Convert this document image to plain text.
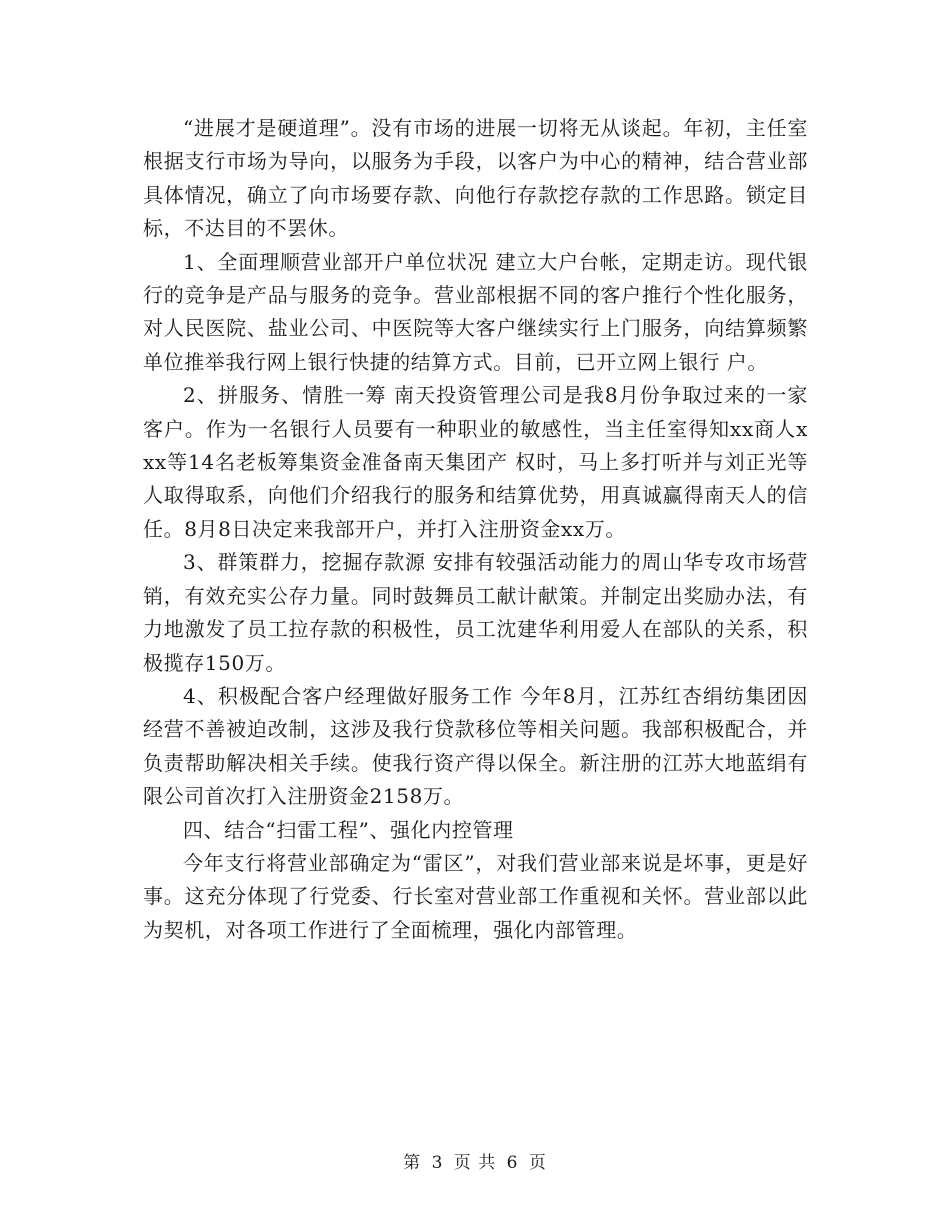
“进展才是硬道理”。没有市场的进展一切将无从谈起。年初，主任室根据支行市场为导向，以服务为手段，以客户为中心的精神，结合营业部具体情况，确立了向市场要存款、向他行存款挖存款的工作思路。锁定目标，不达目的不罢休。

1、全面理顺营业部开户单位状况 建立大户台帐，定期走访。现代银行的竞争是产品与服务的竞争。营业部根据不同的客户推行个性化服务，对人民医院、盐业公司、中医院等大客户继续实行上门服务，向结算频繁单位推举我行网上银行快捷的结算方式。目前，已开立网上银行 户。

2、拼服务、情胜一筹 南天投资管理公司是我8月份争取过来的一家客户。作为一名银行人员要有一种职业的敏感性，当主任室得知xx商人xxx等14名老板筹集资金准备南天集团产 权时，马上多打听并与刘正光等人取得取系，向他们介绍我行的服务和结算优势，用真诚赢得南天人的信任。8月8日决定来我部开户，并打入注册资金xx万。

3、群策群力，挖掘存款源 安排有较强活动能力的周山华专攻市场营销，有效充实公存力量。同时鼓舞员工献计献策。并制定出奖励办法，有力地激发了员工拉存款的积极性，员工沈建华利用爱人在部队的关系，积极揽存150万。

4、积极配合客户经理做好服务工作 今年8月，江苏红杏绢纺集团因经营不善被迫改制，这涉及我行贷款移位等相关问题。我部积极配合，并负责帮助解决相关手续。使我行资产得以保全。新注册的江苏大地蓝绢有限公司首次打入注册资金2158万。

四、结合“扫雷工程”、强化内控管理

今年支行将营业部确定为“雷区”，对我们营业部来说是坏事，更是好事。这充分体现了行党委、行长室对营业部工作重视和关怀。营业部以此为契机，对各项工作进行了全面梳理，强化内部管理。

第 3 页 共 6 页
